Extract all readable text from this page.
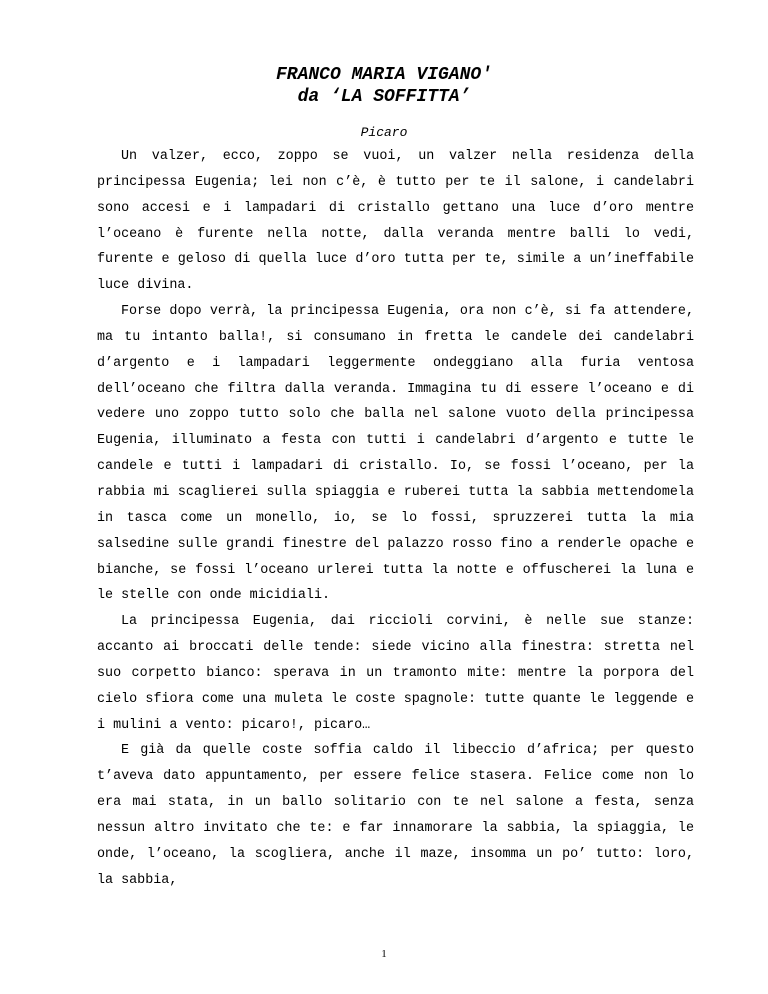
FRANCO MARIA VIGANO'
da ‘LA SOFFITTA’
Picaro

Un valzer, ecco, zoppo se vuoi, un valzer nella residenza della principessa Eugenia; lei non c’è, è tutto per te il salone, i candelabri sono accesi e i lampadari di cristallo gettano una luce d’oro mentre l’oceano è furente nella notte, dalla veranda mentre balli lo vedi, furente e geloso di quella luce d’oro tutta per te, simile a un’ineffabile luce divina.

Forse dopo verrà, la principessa Eugenia, ora non c’è, si fa attendere, ma tu intanto balla!, si consumano in fretta le candele dei candelabri d’argento e i lampadari leggermente ondeggiano alla furia ventosa dell’oceano che filtra dalla veranda. Immagina tu di essere l’oceano e di vedere uno zoppo tutto solo che balla nel salone vuoto della principessa Eugenia, illuminato a festa con tutti i candelabri d’argento e tutte le candele e tutti i lampadari di cristallo. Io, se fossi l’oceano, per la rabbia mi scaglierei sulla spiaggia e ruberei tutta la sabbia mettendomela in tasca come un monello, io, se lo fossi, spruzzerei tutta la mia salsedine sulle grandi finestre del palazzo rosso fino a renderle opache e bianche, se fossi l’oceano urlerei tutta la notte e offuscherei la luna e le stelle con onde micidiali.

La principessa Eugenia, dai riccioli corvini, è nelle sue stanze: accanto ai broccati delle tende: siede vicino alla finestra: stretta nel suo corpetto bianco: sperava in un tramonto mite: mentre la porpora del cielo sfiora come una muleta le coste spagnole: tutte quante le leggende e i mulini a vento: picaro!, picaro…

E già da quelle coste soffia caldo il libeccio d’africa; per questo t’aveva dato appuntamento, per essere felice stasera. Felice come non lo era mai stata, in un ballo solitario con te nel salone a festa, senza nessun altro invitato che te: e far innamorare la sabbia, la spiaggia, le onde, l’oceano, la scogliera, anche il maze, insomma un po’ tutto: loro, la sabbia,

1
